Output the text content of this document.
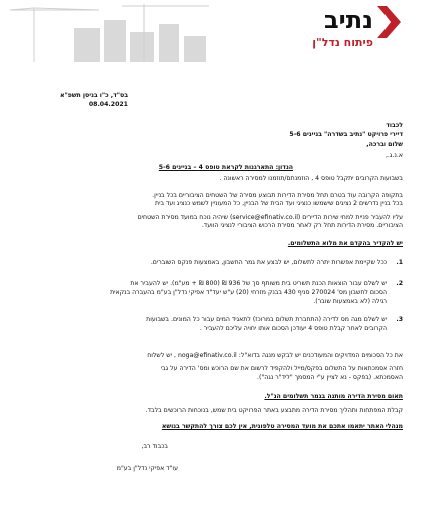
נתיב
פיתוח נדל"ן
בס"ד, כ"ו בניסן תשפ"א
08.04.2021
לכבוד
דיירי פרויקט "נתיב בשדרה" בניינים 5-6
שלום וברכה,
א.נ.ג.,
הנדון: התארגנות לקראת טופס 4 – בניינים 5-6
בשבועות הקרובים יתקבל טופס 4 , הוזמנתם/תוזמנו למסירה ראשונה .
בתקופה הקרובה עוד בטרם תחל מסירת הדירות תבוצע מסירה של השטחים הציבוריים בכל בניין.
בכל בניין נדרשים 2 נציגים שישמשו כנציגי ועד הבית של הבניין, כל המעוניין לשמש כנציג ועד בית
עליו להעביר פניית למחי שירות הדיירים (service@efinativ.co.il) שיהיה נוכח במועד מסירת השטחים
הציבוריים. מסירת הדירות תחל רק לאחר מסירת הרכוש הציבורי לנציגי הוועד.
יש להקדיר בהקדם את מלוא התשלומים.
1.
ככל שקיימת אפשרות יתרה לתשלום, יש לבצע את גמר החשבון, באמצעות פנקס השוברים.
2.
יש לשלם עבור הוצאות הכנת תשריט בית משותף סך של 936 ₪ (800 ₪ + מע"מ). יש להעביר את
הסכום לחשבון מס' 270024 סניף 430 בבנק מזרחי (20) ע"ש יעד"ד אפיקי נדל"ן בע"מ בהעברה בנקאית
רגילה (לא באמצעות שובר).
3.
יש לשלם מגה מס לדירה (התחברת תשלום במרוכז) לתאגיד המים עבור כל המונים. בשבועות
הקרובים לאחר קבלת טופס 4 יעודכן הסכום אותו יחויה עליכם להעביר .
את כל הסכומים המדויקים והמעודכנים יש לבקש מנגה בדוא"ל: noga@efinativ.co.il , יש לשלוח
חזרה אסמכתאות על התשלום בפקס/מייל ולהקפיד לרשום את שם הרוכש ומס' הדירה על גבי
האסמכתא. (בפקס - נא לציין ע"י המסמך "ליד"ר נגה").
תאום מסירת הדירה מותנה בגמר תשלומים הנ"ל.
קבלת המפתחות ותהליך מסירת הדירה מתבצע באתר הפרויקט בית שמש, בנוכחות הרוכשים בלבד.
מנהלי האתר יתאמו אתכם את מועד המסירה טלפונית, אין לכם צורך להתקשר בנושא
בכבוד רב,
עו"ד אפיקי נדל"ן בע"מ
